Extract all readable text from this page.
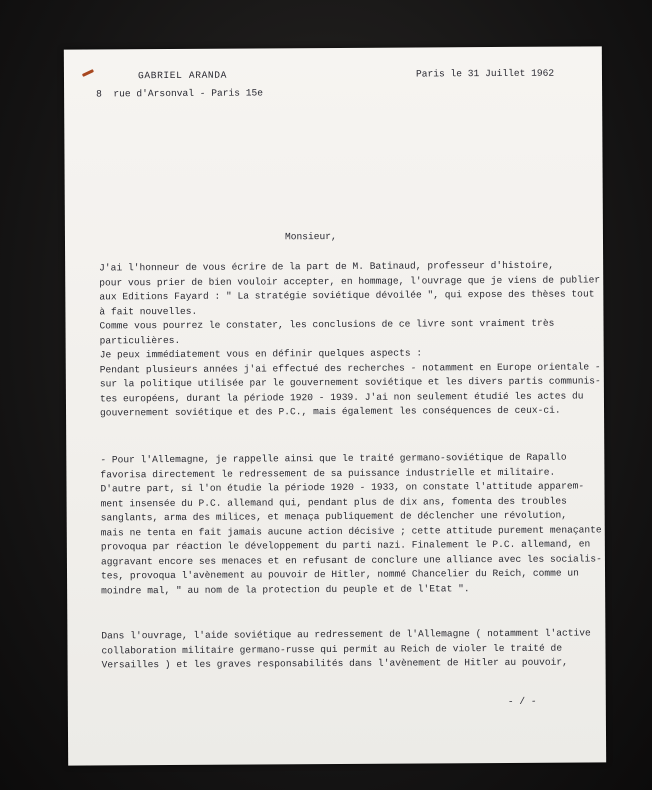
GABRIEL ARANDA
8  rue d'Arsonval - Paris 15e
Paris le 31 Juillet 1962
Monsieur,
J'ai l'honneur de vous écrire de la part de M. Batinaud, professeur d'histoire,
pour vous prier de bien vouloir accepter, en hommage, l'ouvrage que je viens de publier
aux Editions Fayard : " La stratégie soviétique dévoilée ", qui expose des thèses tout
à fait nouvelles.
Comme vous pourrez le constater, les conclusions de ce livre sont vraiment très
particulières.
Je peux immédiatement vous en définir quelques aspects :
Pendant plusieurs années j'ai effectué des recherches - notamment en Europe orientale -
sur la politique utilisée par le gouvernement soviétique et les divers partis communis-
tes européens, durant la période 1920 - 1939. J'ai non seulement étudié les actes du
gouvernement soviétique et des P.C., mais également les conséquences de ceux-ci.
- Pour l'Allemagne, je rappelle ainsi que le traité germano-soviétique de Rapallo
favorisa directement le redressement de sa puissance industrielle et militaire.
D'autre part, si l'on étudie la période 1920 - 1933, on constate l'attitude apparem-
ment insensée du P.C. allemand qui, pendant plus de dix ans, fomenta des troubles
sanglants, arma des milices, et menaça publiquement de déclencher une révolution,
mais ne tenta en fait jamais aucune action décisive ; cette attitude purement menaçante
provoqua par réaction le développement du parti nazi. Finalement le P.C. allemand, en
aggravant encore ses menaces et en refusant de conclure une alliance avec les socialis-
tes, provoqua l'avènement au pouvoir de Hitler, nommé Chancelier du Reich, comme un
moindre mal, " au nom de la protection du peuple et de l'Etat ".
Dans l'ouvrage, l'aide soviétique au redressement de l'Allemagne ( notamment l'active
collaboration militaire germano-russe qui permit au Reich de violer le traité de
Versailles ) et les graves responsabilités dans l'avènement de Hitler au pouvoir,
- / -
